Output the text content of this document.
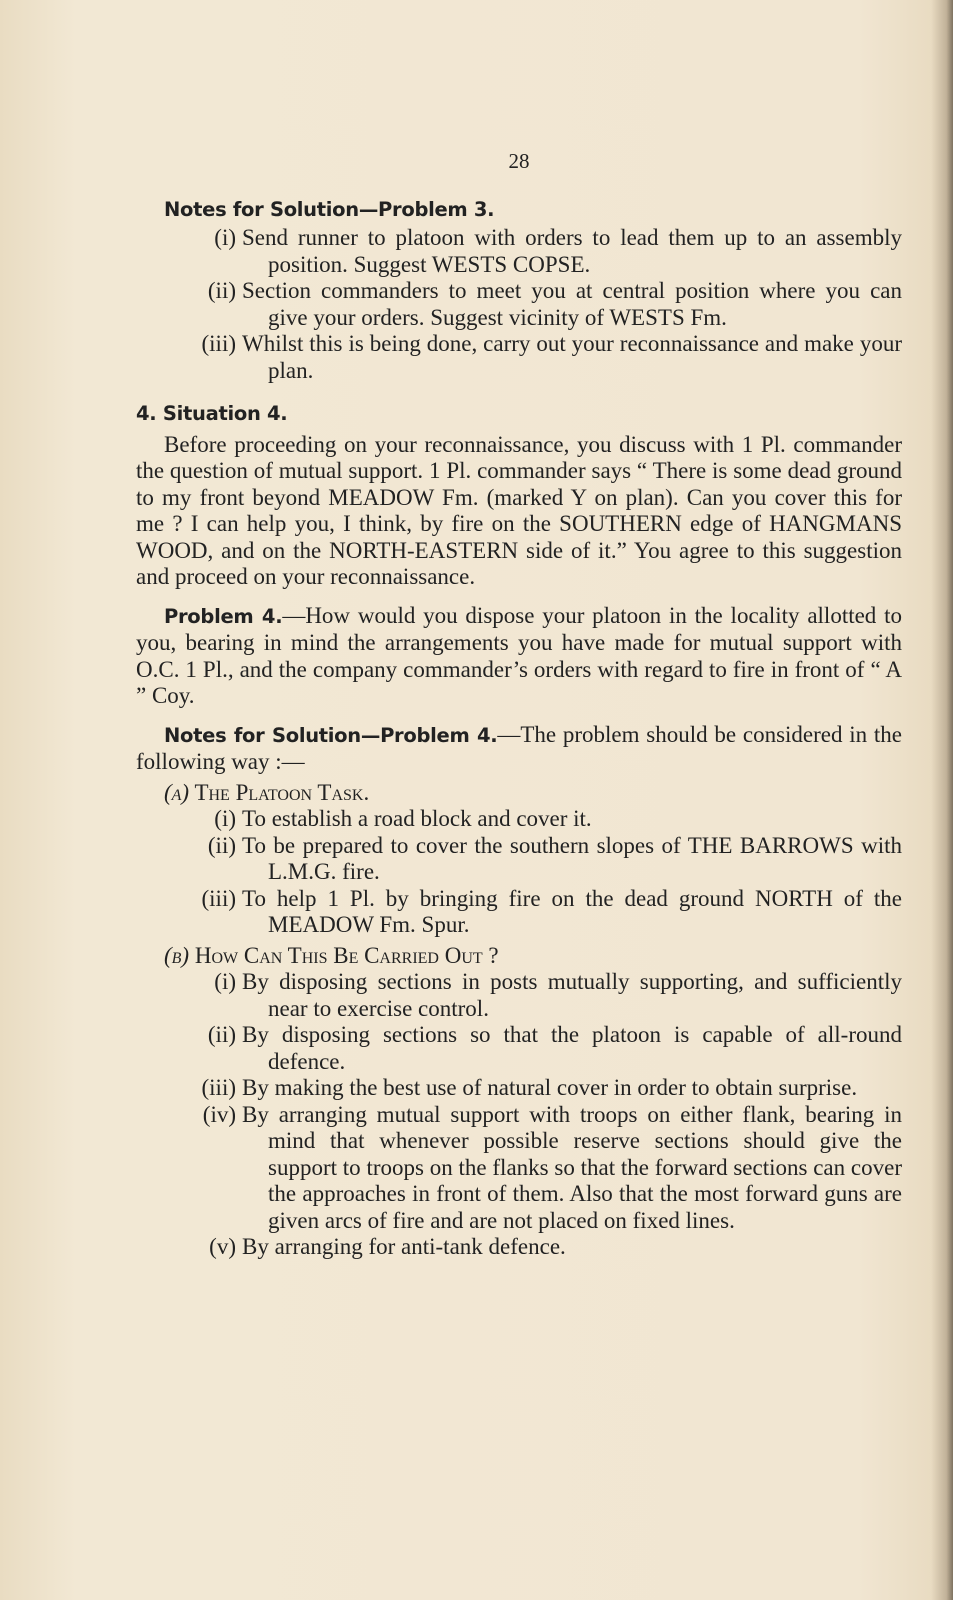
28
Notes for Solution—Problem 3.
(i) Send runner to platoon with orders to lead them up to an assembly position. Suggest WESTS COPSE.
(ii) Section commanders to meet you at central position where you can give your orders. Suggest vicinity of WESTS Fm.
(iii) Whilst this is being done, carry out your reconnaissance and make your plan.
4. Situation 4.
Before proceeding on your reconnaissance, you discuss with 1 Pl. commander the question of mutual support. 1 Pl. commander says “ There is some dead ground to my front beyond MEADOW Fm. (marked Y on plan). Can you cover this for me ? I can help you, I think, by fire on the SOUTHERN edge of HANGMANS WOOD, and on the NORTH-EASTERN side of it.” You agree to this suggestion and proceed on your reconnaissance.
Problem 4.—How would you dispose your platoon in the locality allotted to you, bearing in mind the arrangements you have made for mutual support with O.C. 1 Pl., and the company commander’s orders with regard to fire in front of “ A ” Coy.
Notes for Solution—Problem 4.—The problem should be considered in the following way :—
(a) The Platoon Task.
(i) To establish a road block and cover it.
(ii) To be prepared to cover the southern slopes of THE BARROWS with L.M.G. fire.
(iii) To help 1 Pl. by bringing fire on the dead ground NORTH of the MEADOW Fm. Spur.
(b) How Can This Be Carried Out ?
(i) By disposing sections in posts mutually supporting, and sufficiently near to exercise control.
(ii) By disposing sections so that the platoon is capable of all-round defence.
(iii) By making the best use of natural cover in order to obtain surprise.
(iv) By arranging mutual support with troops on either flank, bearing in mind that whenever possible reserve sections should give the support to troops on the flanks so that the forward sections can cover the approaches in front of them. Also that the most forward guns are given arcs of fire and are not placed on fixed lines.
(v) By arranging for anti-tank defence.
